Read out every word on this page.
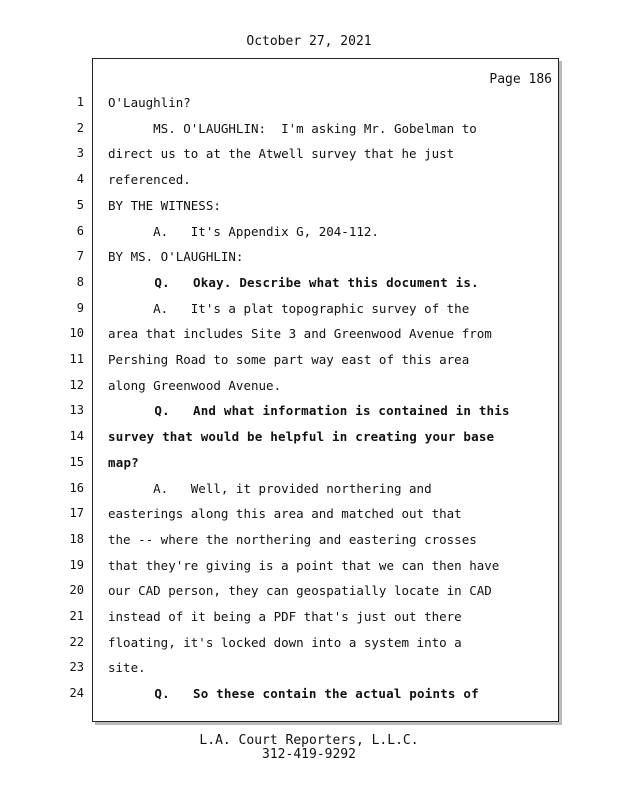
October 27, 2021
Page 186
1 O'Laughlin?
2 MS. O'LAUGHLIN:  I'm asking Mr. Gobelman to
3 direct us to at the Atwell survey that he just
4 referenced.
5 BY THE WITNESS:
6 A.   It's Appendix G, 204-112.
7 BY MS. O'LAUGHLIN:
8 Q.   Okay. Describe what this document is.
9 A.   It's a plat topographic survey of the
10 area that includes Site 3 and Greenwood Avenue from
11 Pershing Road to some part way east of this area
12 along Greenwood Avenue.
13 Q.   And what information is contained in this
14 survey that would be helpful in creating your base
15 map?
16 A.   Well, it provided northering and
17 easterings along this area and matched out that
18 the -- where the northering and eastering crosses
19 that they're giving is a point that we can then have
20 our CAD person, they can geospatially locate in CAD
21 instead of it being a PDF that's just out there
22 floating, it's locked down into a system into a
23 site.
24 Q.   So these contain the actual points of
L.A. Court Reporters, L.L.C.
312-419-9292
